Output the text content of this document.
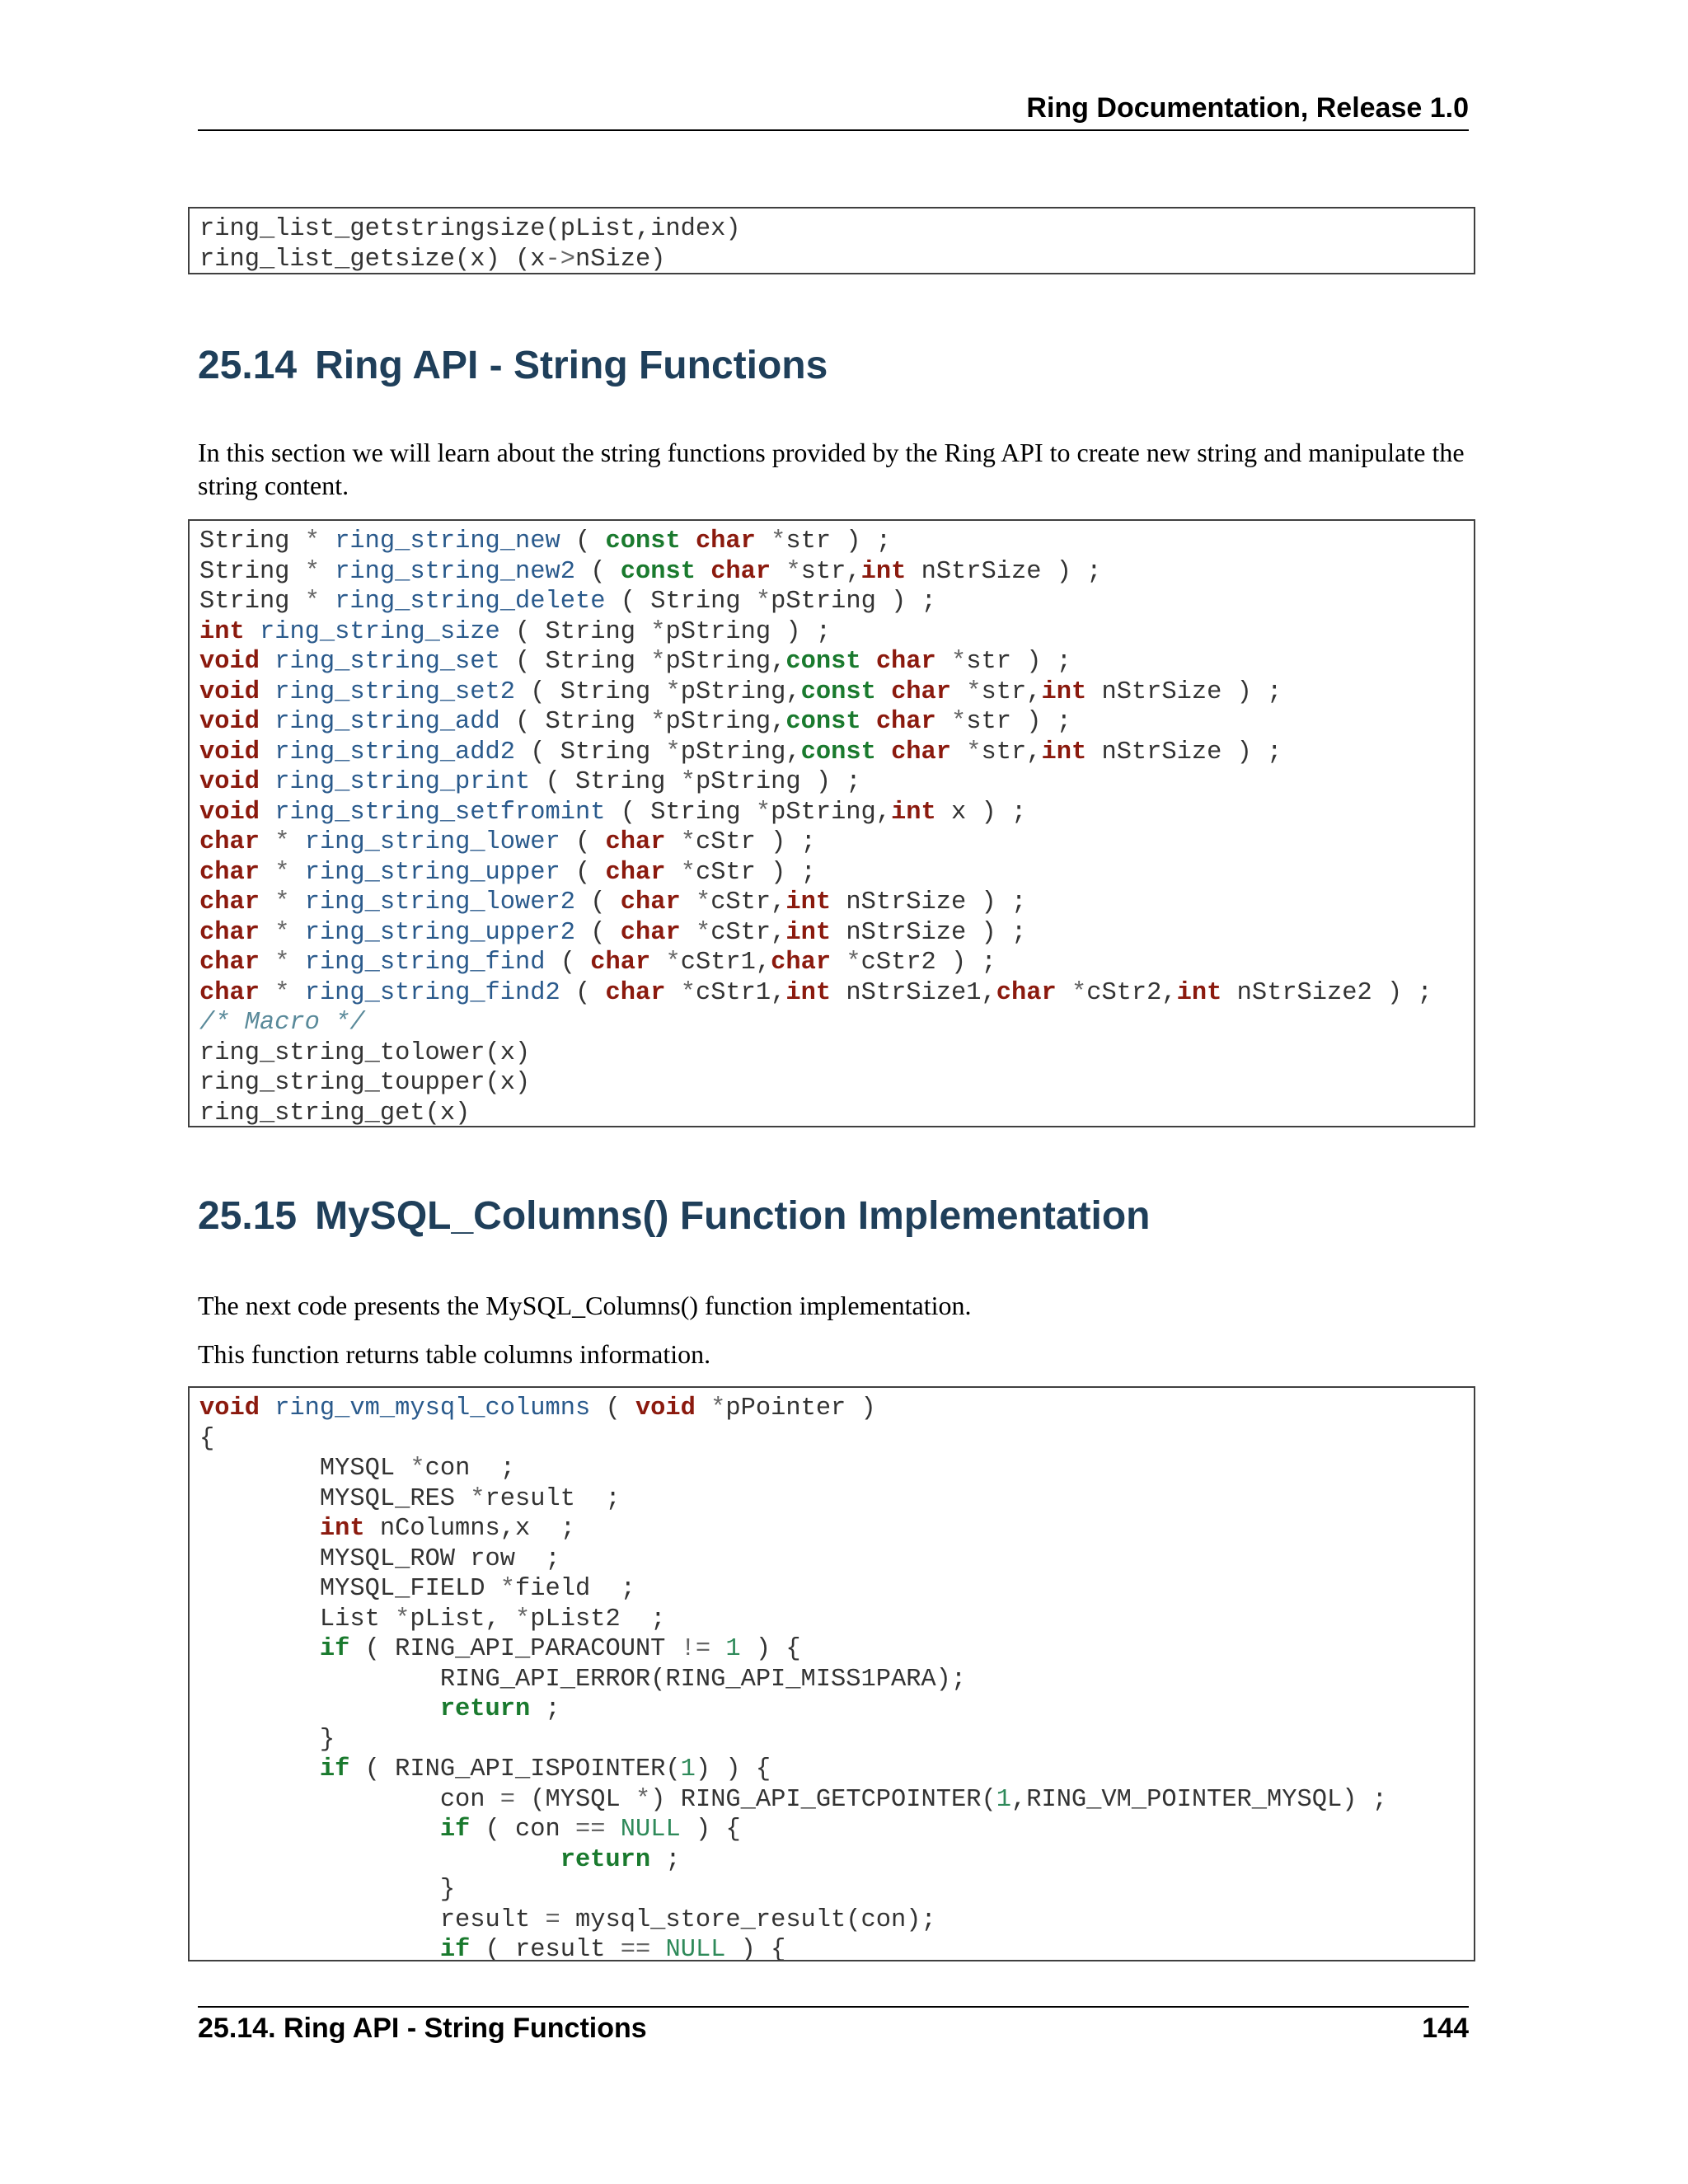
Ring Documentation, Release 1.0
ring_list_getstringsize(pList,index)
ring_list_getsize(x) (x->nSize)
25.14 Ring API - String Functions

In this section we will learn about the string functions provided by the Ring API to create new string and manipulate the string content.

String * ring_string_new ( const char *str ) ;
String * ring_string_new2 ( const char *str,int nStrSize ) ;
String * ring_string_delete ( String *pString ) ;
int ring_string_size ( String *pString ) ;
void ring_string_set ( String *pString,const char *str ) ;
void ring_string_set2 ( String *pString,const char *str,int nStrSize ) ;
void ring_string_add ( String *pString,const char *str ) ;
void ring_string_add2 ( String *pString,const char *str,int nStrSize ) ;
void ring_string_print ( String *pString ) ;
void ring_string_setfromint ( String *pString,int x ) ;
char * ring_string_lower ( char *cStr ) ;
char * ring_string_upper ( char *cStr ) ;
char * ring_string_lower2 ( char *cStr,int nStrSize ) ;
char * ring_string_upper2 ( char *cStr,int nStrSize ) ;
char * ring_string_find ( char *cStr1,char *cStr2 ) ;
char * ring_string_find2 ( char *cStr1,int nStrSize1,char *cStr2,int nStrSize2 ) ;
/* Macro */
ring_string_tolower(x)
ring_string_toupper(x)
ring_string_get(x)
25.15 MySQL_Columns() Function Implementation

The next code presents the MySQL_Columns() function implementation.

This function returns table columns information.

void ring_vm_mysql_columns ( void *pPointer )
{
MYSQL *con ;
MYSQL_RES *result ;
int nColumns,x ;
MYSQL_ROW row ;
MYSQL_FIELD *field ;
List *pList, *pList2 ;
if ( RING_API_PARACOUNT != 1 ) {
RING_API_ERROR(RING_API_MISS1PARA);
return ;
}
if ( RING_API_ISPOINTER(1) ) {
con = (MYSQL *) RING_API_GETCPOINTER(1,RING_VM_POINTER_MYSQL) ;
if ( con == NULL ) {
return ;
}
result = mysql_store_result(con);
if ( result == NULL ) {
25.14. Ring API - String Functions	144
